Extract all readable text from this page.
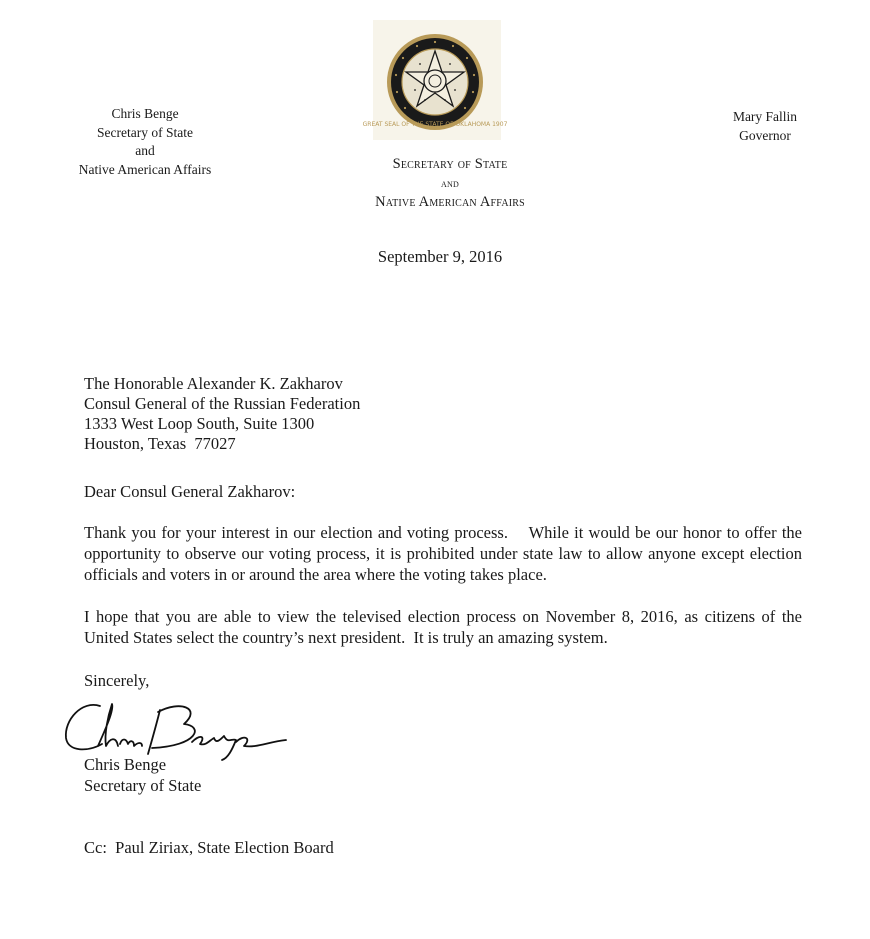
Chris Benge
Secretary of State
and
Native American Affairs
GREAT SEAL OF THE STATE OF OKLAHOMA 1907
Mary Fallin
Governor
Secretary of State
and
Native American Affairs
September 9, 2016
The Honorable Alexander K. Zakharov
Consul General of the Russian Federation
1333 West Loop South, Suite 1300
Houston, Texas  77027
Dear Consul General Zakharov:
Thank you for your interest in our election and voting process.    While it would be our honor to offer the opportunity to observe our voting process, it is prohibited under state law to allow anyone except election officials and voters in or around the area where the voting takes place.
I hope that you are able to view the televised election process on November 8, 2016, as citizens of the United States select the country’s next president.  It is truly an amazing system.
Sincerely,
Chris Benge
Secretary of State
Cc:  Paul Ziriax, State Election Board
